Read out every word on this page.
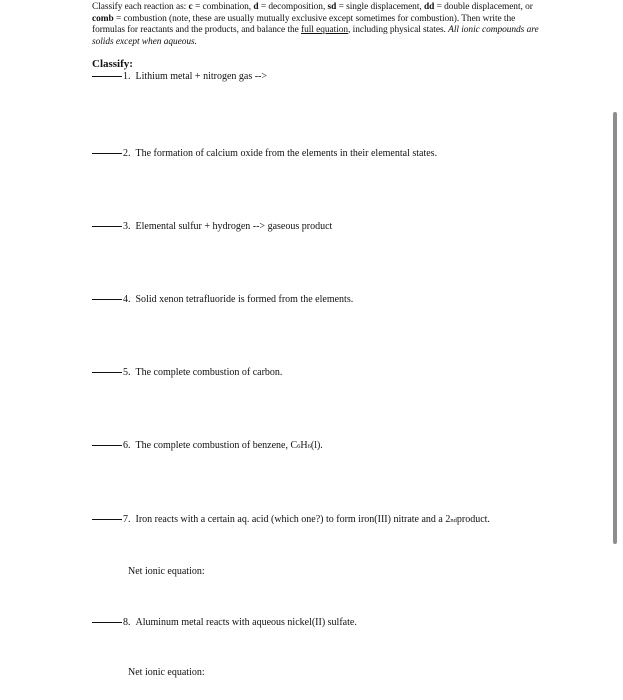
Classify each reaction as: c = combination, d = decomposition, sd = single displacement, dd = double displacement, or comb = combustion (note, these are usually mutually exclusive except sometimes for combustion). Then write the formulas for reactants and the products, and balance the full equation, including physical states. All ionic compounds are solids except when aqueous.
Classify:
1.
Lithium metal + nitrogen gas -->
2.
The formation of calcium oxide from the elements in their elemental states.
3.
Elemental sulfur + hydrogen --> gaseous product
4.
Solid xenon tetrafluoride is formed from the elements.
5.
The complete combustion of carbon.
6.
The complete combustion of benzene, C 6 H 6 (l).
7.
Iron reacts with a certain aq. acid (which one?) to form iron(III) nitrate and a 2 nd product.
Net ionic equation:
8.
Aluminum metal reacts with aqueous nickel(II) sulfate.
Net ionic equation:
